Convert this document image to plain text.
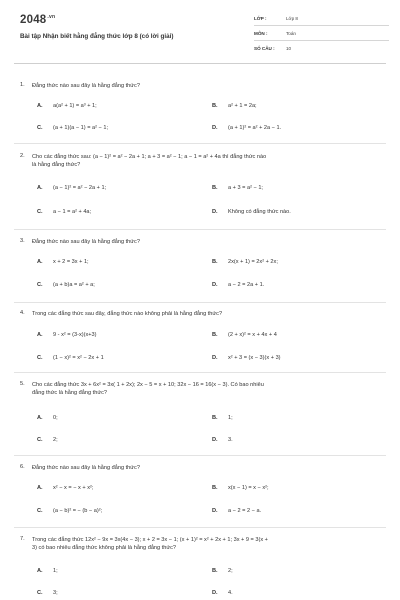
$2048^{.vn}$
Bài tập Nhận biết hằng đẳng thức lớp 8 (có lời giải)
LỚP :	Lớp 8
MÔN :	Toán
SỐ CÂU : 10
1. Đẳng thức nào sau đây là hằng đẳng thức?
A. a(a² + 1) = a³ + 1;	B. a² + 1 = 2a;
C. (a + 1)(a − 1) = a² − 1;	D. (a + 1)² = a² + 2a − 1.
2. Cho các đẳng thức sau: (a − 1)² = a² − 2a + 1; a + 3 = a² − 1; a − 1 = a² + 4a thì đẳng thức nào
là hằng đẳng thức?
A. (a − 1)² = a² − 2a + 1;	B. a + 3 = a² − 1;
C. a − 1 = a² + 4a;	D. Không có đẳng thức nào.
3. Đẳng thức nào sau đây là hằng đẳng thức?
A. x + 2 = 3x + 1;	B. 2x(x + 1) = 2x² + 2x;
C. (a + b)a = a² + a;	D. a − 2 = 2a + 1.
4. Trong các đẳng thức sau đây, đẳng thức nào không phải là hằng đẳng thức?
A. 9 - x² = (3-x)(x+3)	B. (2 + x)² = x + 4x + 4
C. (1 − x)² = x² − 2x + 1	D. x² + 3 = (x − 3)(x + 3)
5. Cho các đẳng thức 3x + 6x² = 3x( 1 + 2x); 2x − 5 = x + 10; 32x − 16 = 16(x − 3). Có bao nhiêu
đẳng thức là hằng đẳng thức?
A. 0;	B. 1;
C. 2;	D. 3.
6. Đẳng thức nào sau đây là hằng đẳng thức?
A. x² − x = − x + x²;	B. x(x − 1) = x − x²;
C. (a − b)² = − (b − a)²;	D. a − 2 = 2 − a.
7. Trong các đẳng thức 12x² − 9x = 3x(4x − 3); x + 2 = 3x − 1; (x + 1)² = x² + 2x + 1; 3x + 9 = 3(x +
3) có bao nhiêu đẳng thức không phải là hằng đẳng thức?
A. 1;	B. 2;
C. 3;	D. 4.
